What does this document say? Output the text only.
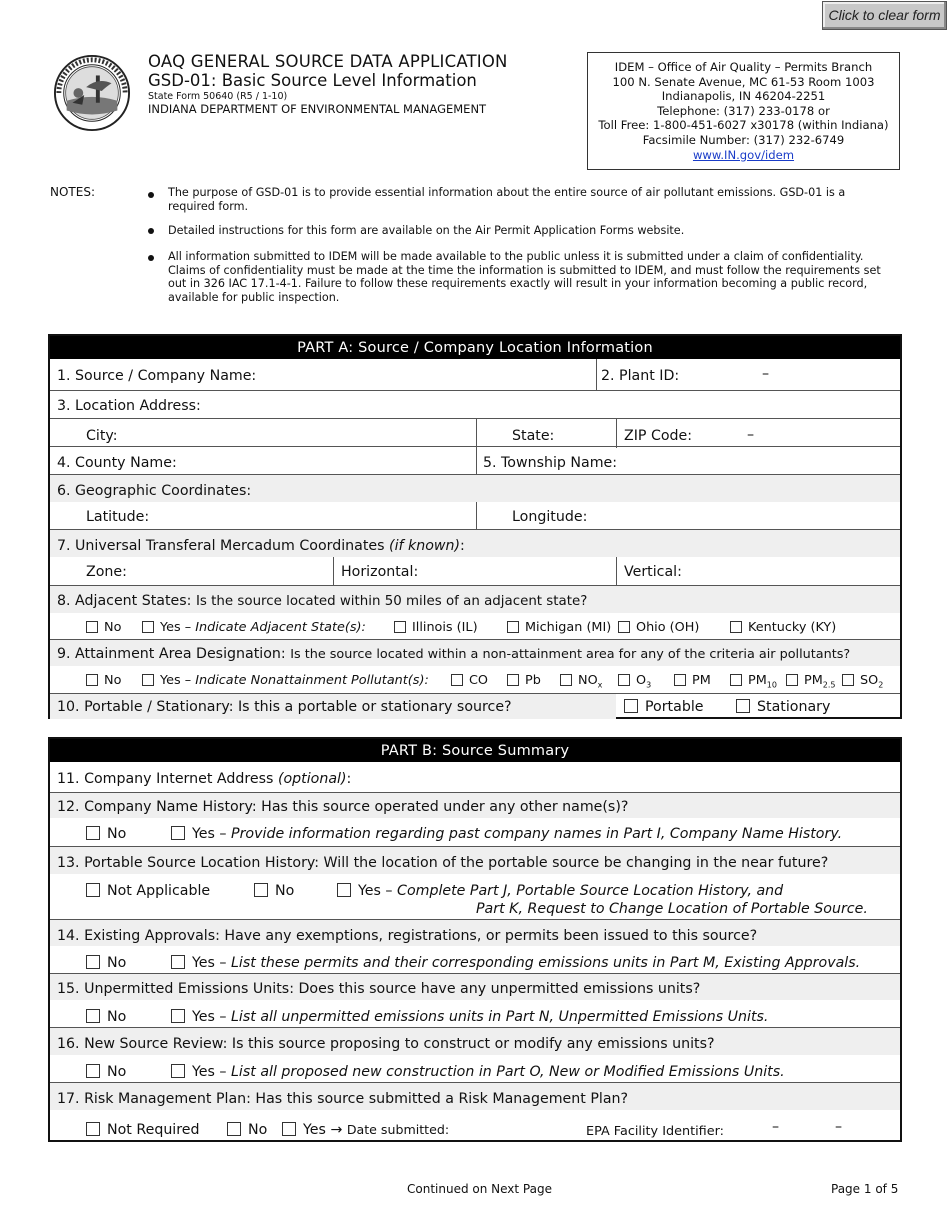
Click to clear form
OAQ GENERAL SOURCE DATA APPLICATION
GSD-01: Basic Source Level Information
State Form 50640 (R5 / 1-10)
INDIANA DEPARTMENT OF ENVIRONMENTAL MANAGEMENT
IDEM – Office of Air Quality – Permits Branch
100 N. Senate Avenue, MC 61-53 Room 1003
Indianapolis, IN 46204-2251
Telephone: (317) 233-0178 or
Toll Free: 1-800-451-6027 x30178 (within Indiana)
Facsimile Number: (317) 232-6749
www.IN.gov/idem
NOTES:	The purpose of GSD-01 is to provide essential information about the entire source of air pollutant emissions. GSD-01 is a required form.
Detailed instructions for this form are available on the Air Permit Application Forms website.
All information submitted to IDEM will be made available to the public unless it is submitted under a claim of confidentiality. Claims of confidentiality must be made at the time the information is submitted to IDEM, and must follow the requirements set out in 326 IAC 17.1-4-1. Failure to follow these requirements exactly will result in your information becoming a public record, available for public inspection.
PART A: Source / Company Location Information
1. Source / Company Name:	2. Plant ID:	–
3. Location Address:
City:	State:	ZIP Code:	–
4. County Name:	5. Township Name:
6. Geographic Coordinates:
Latitude:	Longitude:
7. Universal Transferal Mercadum Coordinates (if known):
Zone:	Horizontal:	Vertical:
8. Adjacent States: Is the source located within 50 miles of an adjacent state?
No	Yes – Indicate Adjacent State(s):	Illinois (IL)	Michigan (MI)	Ohio (OH)	Kentucky (KY)
9. Attainment Area Designation: Is the source located within a non-attainment area for any of the criteria air pollutants?
No	Yes – Indicate Nonattainment Pollutant(s):	CO	Pb	$NO_x$	$O_3$	PM	$PM_{10}$	$PM_{2.5}$	$SO_2$
10. Portable / Stationary: Is this a portable or stationary source?	Portable	Stationary
PART B: Source Summary
11. Company Internet Address (optional):
12. Company Name History: Has this source operated under any other name(s)?
No	Yes – Provide information regarding past company names in Part I, Company Name History.
13. Portable Source Location History: Will the location of the portable source be changing in the near future?
Not Applicable	No	Yes – Complete Part J, Portable Source Location History, and
Part K, Request to Change Location of Portable Source.
14. Existing Approvals: Have any exemptions, registrations, or permits been issued to this source?
No	Yes – List these permits and their corresponding emissions units in Part M, Existing Approvals.
15. Unpermitted Emissions Units: Does this source have any unpermitted emissions units?
No	Yes – List all unpermitted emissions units in Part N, Unpermitted Emissions Units.
16. New Source Review: Is this source proposing to construct or modify any emissions units?
No	Yes – List all proposed new construction in Part O, New or Modified Emissions Units.
17. Risk Management Plan: Has this source submitted a Risk Management Plan?
Not Required	No	Yes → Date submitted:	EPA Facility Identifier:	–	–
Continued on Next Page	Page 1 of 5
